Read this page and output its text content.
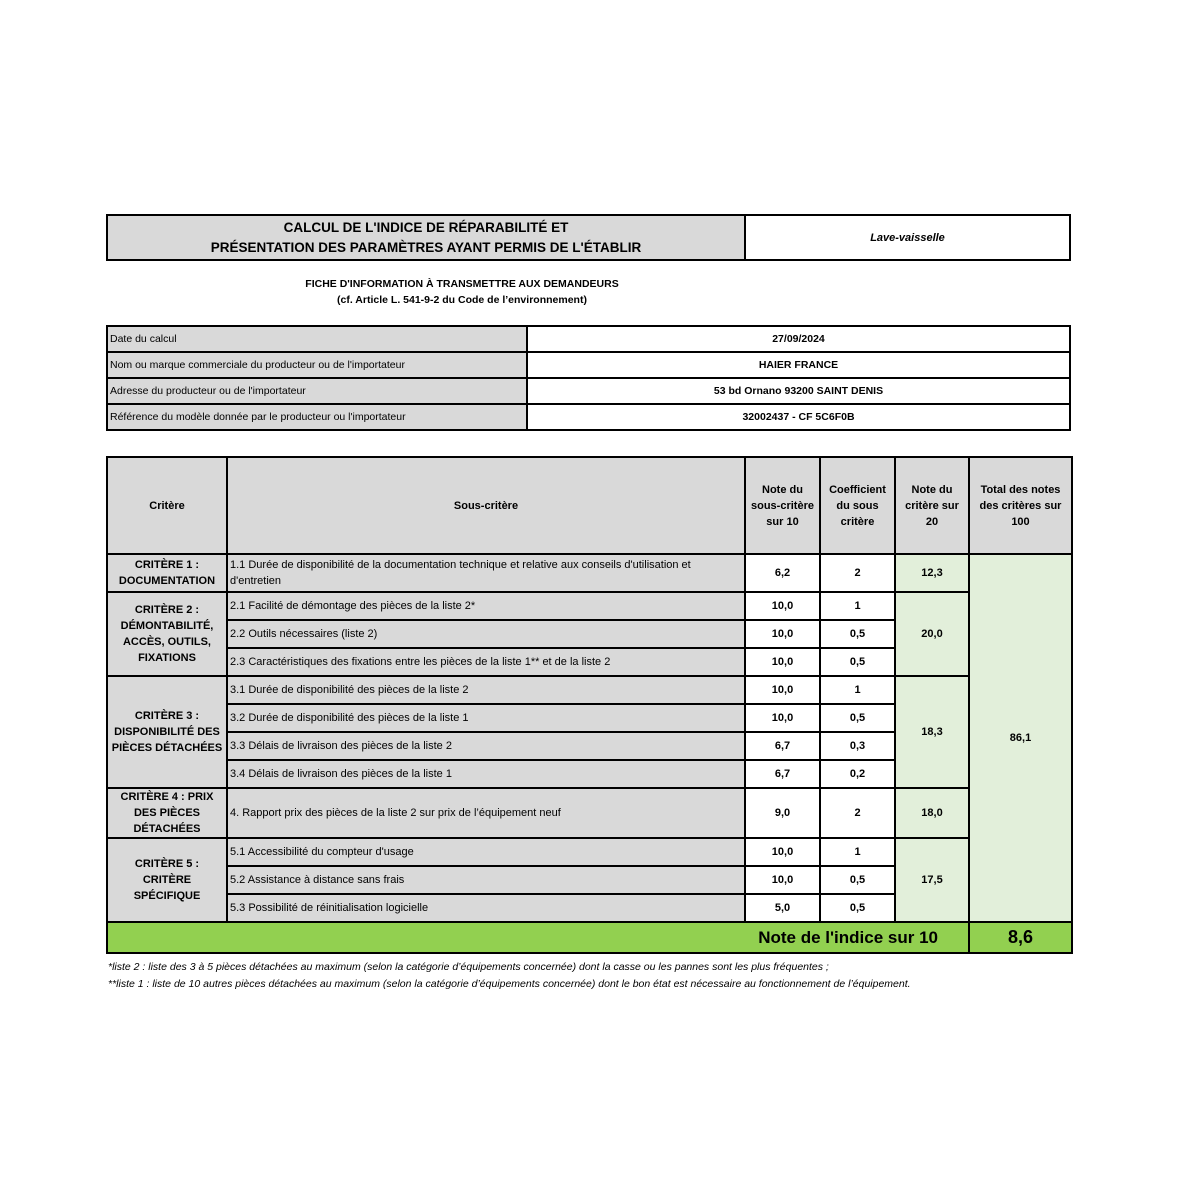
CALCUL DE L'INDICE DE RÉPARABILITÉ ET
PRÉSENTATION DES PARAMÈTRES AYANT PERMIS DE L'ÉTABLIR
Lave-vaisselle
FICHE D'INFORMATION À TRANSMETTRE AUX DEMANDEURS
(cf. Article L. 541-9-2 du Code de l’environnement)
Date du calcul	27/09/2024
Nom ou marque commerciale du producteur ou de l'importateur	HAIER FRANCE
Adresse du producteur ou de l'importateur	53 bd Ornano 93200 SAINT DENIS
Référence du modèle donnée par le producteur ou l'importateur	32002437 - CF 5C6F0B
Critère	Sous-critère	Note du sous-critère sur 10	Coefficient du sous critère	Note du critère sur 20	Total des notes des critères sur 100
CRITÈRE 1 : DOCUMENTATION	1.1 Durée de disponibilité de la documentation technique et relative aux conseils d'utilisation et d'entretien	6,2	2	12,3	86,1
CRITÈRE 2 : DÉMONTABILITÉ, ACCÈS, OUTILS, FIXATIONS	2.1 Facilité de démontage des pièces de la liste 2*	10,0	1	20,0	
	2.2 Outils nécessaires (liste 2)	10,0	0,5		
	2.3 Caractéristiques des fixations entre les pièces de la liste 1** et de la liste 2	10,0	0,5		
CRITÈRE 3 : DISPONIBILITÉ DES PIÈCES DÉTACHÉES	3.1 Durée de disponibilité des pièces de la liste 2	10,0	1	18,3	
	3.2 Durée de disponibilité des pièces de la liste 1	10,0	0,5		
	3.3 Délais de livraison des pièces de la liste 2	6,7	0,3		
	3.4 Délais de livraison des pièces de la liste 1	6,7	0,2		
CRITÈRE 4 : PRIX DES PIÈCES DÉTACHÉES	4. Rapport prix des pièces de la liste 2 sur prix de l’équipement neuf	9,0	2	18,0	
CRITÈRE 5 : CRITÈRE SPÉCIFIQUE	5.1 Accessibilité du compteur d'usage	10,0	1	17,5	
	5.2 Assistance à distance sans frais	10,0	0,5		
	5.3 Possibilité de réinitialisation logicielle	5,0	0,5		
Note de l'indice sur 10					8,6
*liste 2 : liste des 3 à 5 pièces détachées au maximum (selon la catégorie d’équipements concernée) dont la casse ou les pannes sont les plus fréquentes ;
**liste 1 : liste de 10 autres pièces détachées au maximum (selon la catégorie d’équipements concernée) dont le bon état est nécessaire au fonctionnement de l’équipement.
